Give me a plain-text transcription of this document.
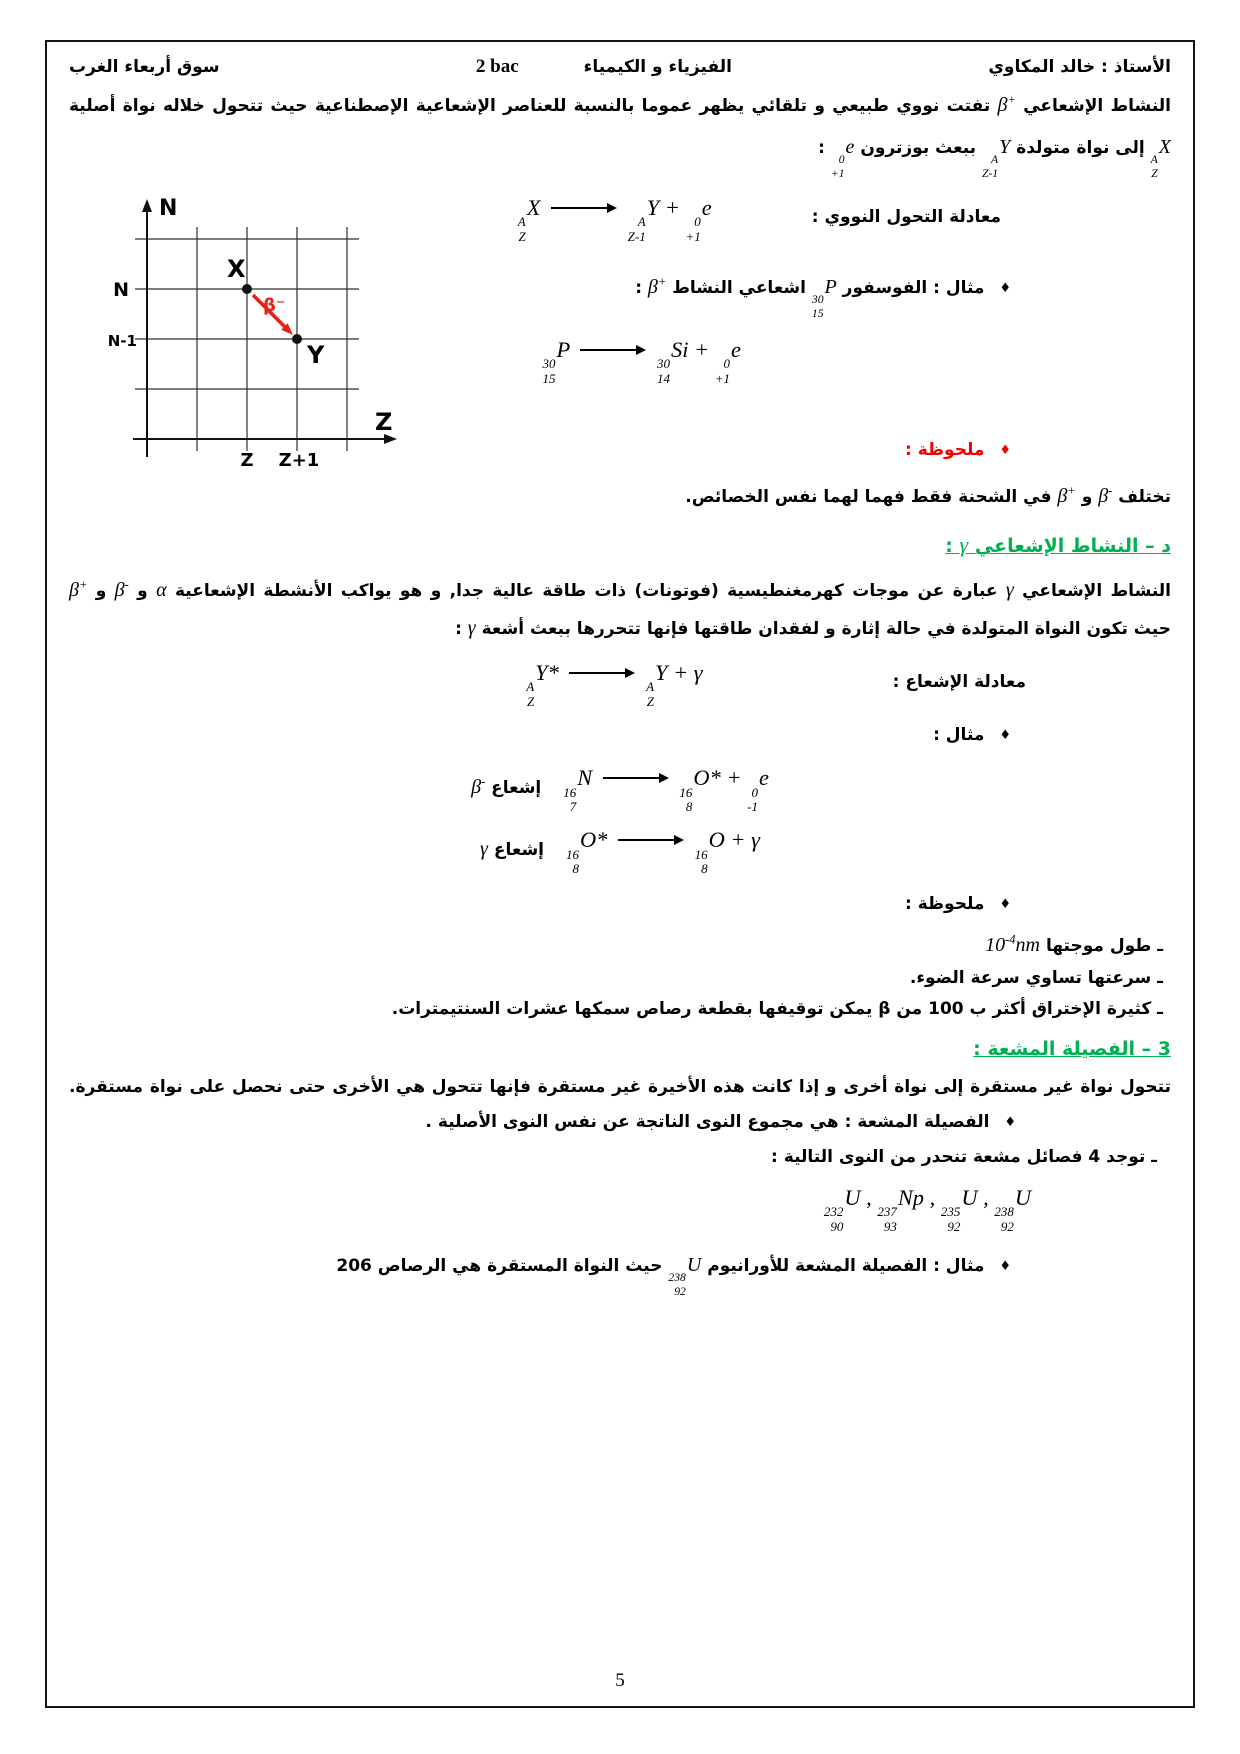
الأستاذ : خالد المكاوي
الفيزياء و الكيمياء
2 bac
سوق أربعاء الغرب
النشاط الإشعاعي β+ تفتت نووي طبيعي و تلقائي يظهر عموما بالنسبة للعناصر الإشعاعية الإصطناعية حيث تتحول خلاله نواة أصلية
A
Z
X إلى نواة متولدة
A
Z-1
Y ببعث بوزترون
0
+1
e :
N
Z
N
N-1
Z Z+1
X
Y
β⁻
معادلة التحول النووي :
A
Z
X
A
Z-1
Y +
0
+1
e
♦ مثال : الفوسفور
30
15
P اشعاعي النشاط β+ :
30
15
P
30
14
Si +
0
+1
e
♦ ملحوظة :
تختلف β- و β+ في الشحنة فقط فهما لهما نفس الخصائص.
د – النشاط الإشعاعي γ :
النشاط الإشعاعي γ عبارة عن موجات كهرمغنطيسية (فوتونات) ذات طاقة عالية جدا, و هو يواكب الأنشطة الإشعاعية α و β- و β+
حيث تكون النواة المتولدة في حالة إثارة و لفقدان طاقتها فإنها تتحررها ببعث أشعة γ :
معادلة الإشعاع :
A
Z
Y*
A
Z
Y + γ
♦ مثال :
16
7
N
16
8
O* +
0
-1
e
إشعاع β-
16
8
O*
16
8
O + γ
إشعاع γ
♦ ملحوظة :
ـ طول موجتها $10^{-4}nm$
ـ سرعتها تساوي سرعة الضوء.
ـ كثيرة الإختراق أكثر ب 100 من β يمكن توقيفها بقطعة رصاص سمكها عشرات السنتيمترات.
3 – الفصيلة المشعة :
تتحول نواة غير مستقرة إلى نواة أخرى و إذا كانت هذه الأخيرة غير مستقرة فإنها تتحول هي الأخرى حتى نحصل على نواة مستقرة.
♦ الفصيلة المشعة : هي مجموع النوى الناتجة عن نفس النوى الأصلية .
ـ توجد 4 فصائل مشعة تنحدر من النوى التالية :
232
90
U ,
237
93
Np ,
235
92
U ,
238
92
U
♦ مثال : الفصيلة المشعة للأورانيوم
238
92
U حيث النواة المستقرة هي الرصاص 206
5
